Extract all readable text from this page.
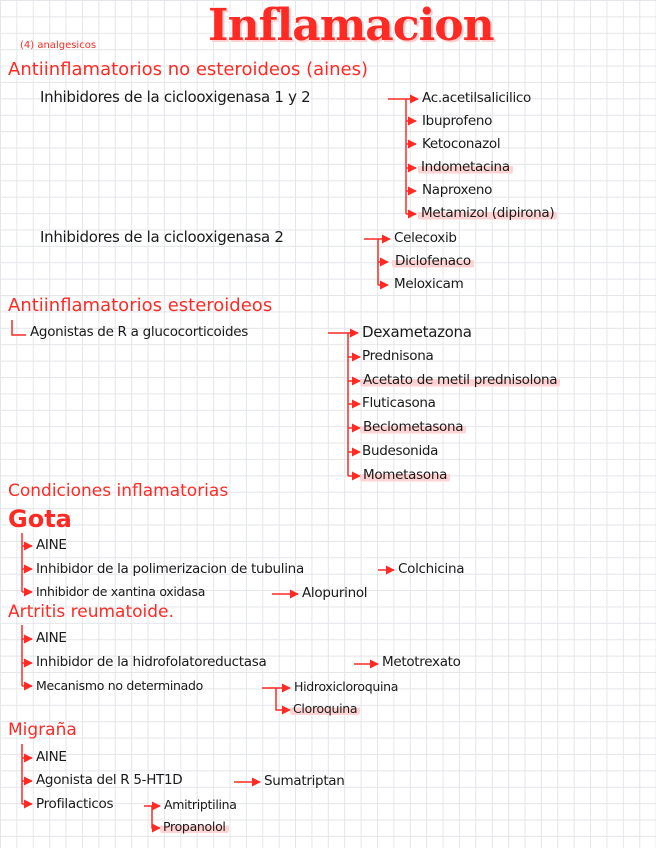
Inflamacion
(4) analgesicos
Antiinflamatorios no esteroideos (aines)
Inhibidores de la ciclooxigenasa 1 y 2	Ac.acetilsalicilico
Ibuprofeno
Ketoconazol
Indometacina
Naproxeno
Metamizol (dipirona)
Inhibidores de la ciclooxigenasa 2	Celecoxib
Diclofenaco
Meloxicam
Antiinflamatorios esteroideos
Agonistas de R a glucocorticoides	Dexametazona
Prednisona
Acetato de metil prednisolona
Fluticasona
Beclometasona
Budesonida
Mometasona
Condiciones inflamatorias
Gota
AINE
Inhibidor de la polimerizacion de tubulina	Colchicina
Inhibidor de xantina oxidasa	Alopurinol
Artritis reumatoide.
AINE
Inhibidor de la hidrofolatoreductasa	Metotrexato
Mecanismo no determinado	Hidroxicloroquina
Cloroquina
Migraña
AINE
Agonista del R 5-HT1D	Sumatriptan
Profilacticos	Amitriptilina
Propanolol
